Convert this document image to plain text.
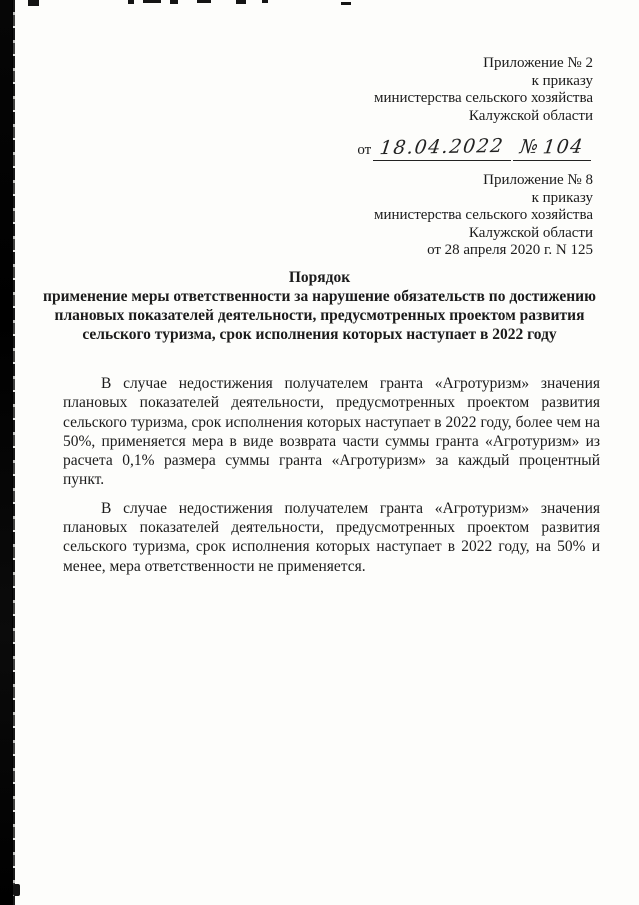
Приложение № 2
к приказу
министерства сельского хозяйства
Калужской области
от 18.04.2022 № 104
Приложение № 8
к приказу
министерства сельского хозяйства
Калужской области
от 28 апреля 2020 г. N 125
Порядок
применение меры ответственности за нарушение обязательств по достижению
плановых показателей деятельности, предусмотренных проектом развития
сельского туризма, срок исполнения которых наступает в 2022 году

В случае недостижения получателем гранта «Агротуризм» значения плановых показателей деятельности, предусмотренных проектом развития сельского туризма, срок исполнения которых наступает в 2022 году, более чем на 50%, применяется мера в виде возврата части суммы гранта «Агротуризм» из расчета 0,1% размера суммы гранта «Агротуризм» за каждый процентный пункт.

В случае недостижения получателем гранта «Агротуризм» значения плановых показателей деятельности, предусмотренных проектом развития сельского туризма, срок исполнения которых наступает в 2022 году, на 50% и менее, мера ответственности не применяется.
